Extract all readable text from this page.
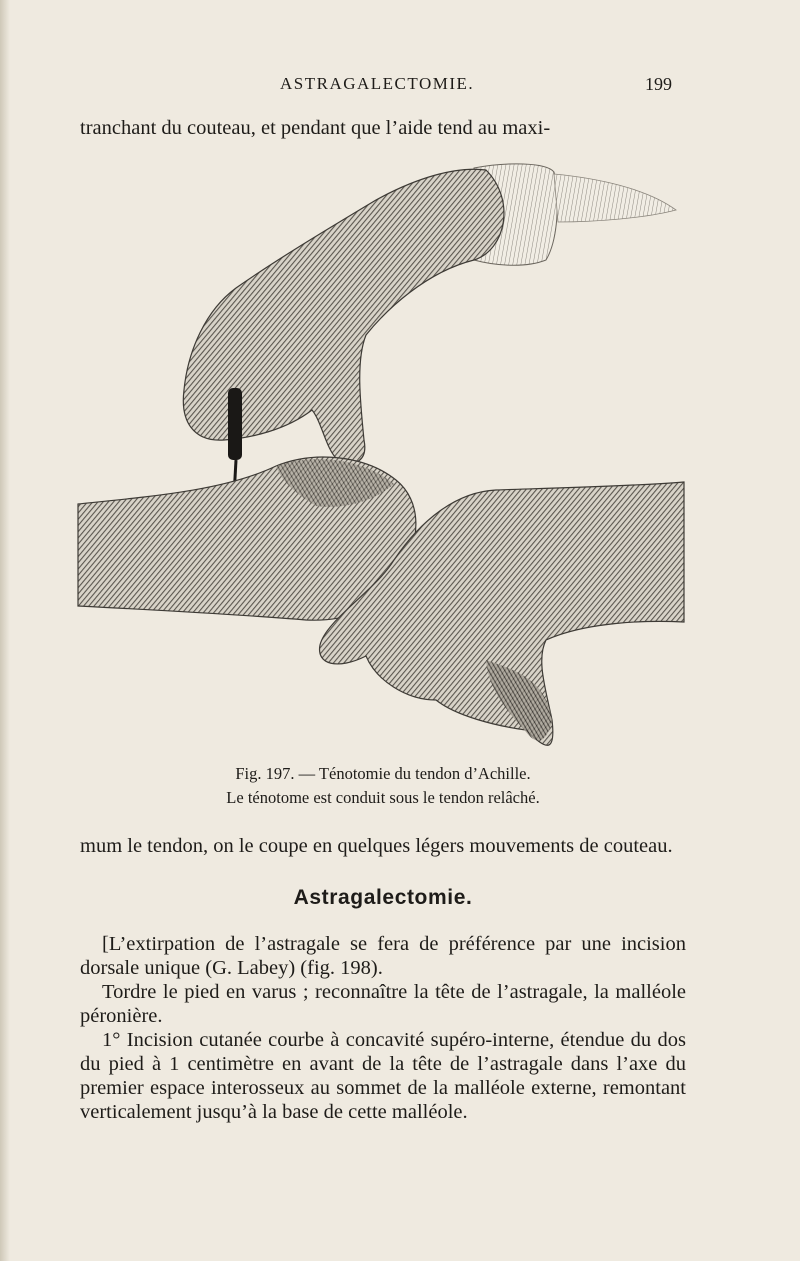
ASTRAGALECTOMIE.	199
tranchant du couteau, et pendant que l’aide tend au maxi-
Fig. 197. — Ténotomie du tendon d’Achille.
Le ténotome est conduit sous le tendon relâché.
mum le tendon, on le coupe en quelques légers mouvements de couteau.
Astragalectomie.

[L’extirpation de l’astragale se fera de préférence par une incision dorsale unique (G. Labey) (fig. 198).

Tordre le pied en varus ; reconnaître la tête de l’astragale, la malléole péronière.

1° Incision cutanée courbe à concavité supéro-interne, étendue du dos du pied à 1 centimètre en avant de la tête de l’astragale dans l’axe du premier espace interosseux au sommet de la malléole externe, remontant verticalement jusqu’à la base de cette malléole.
